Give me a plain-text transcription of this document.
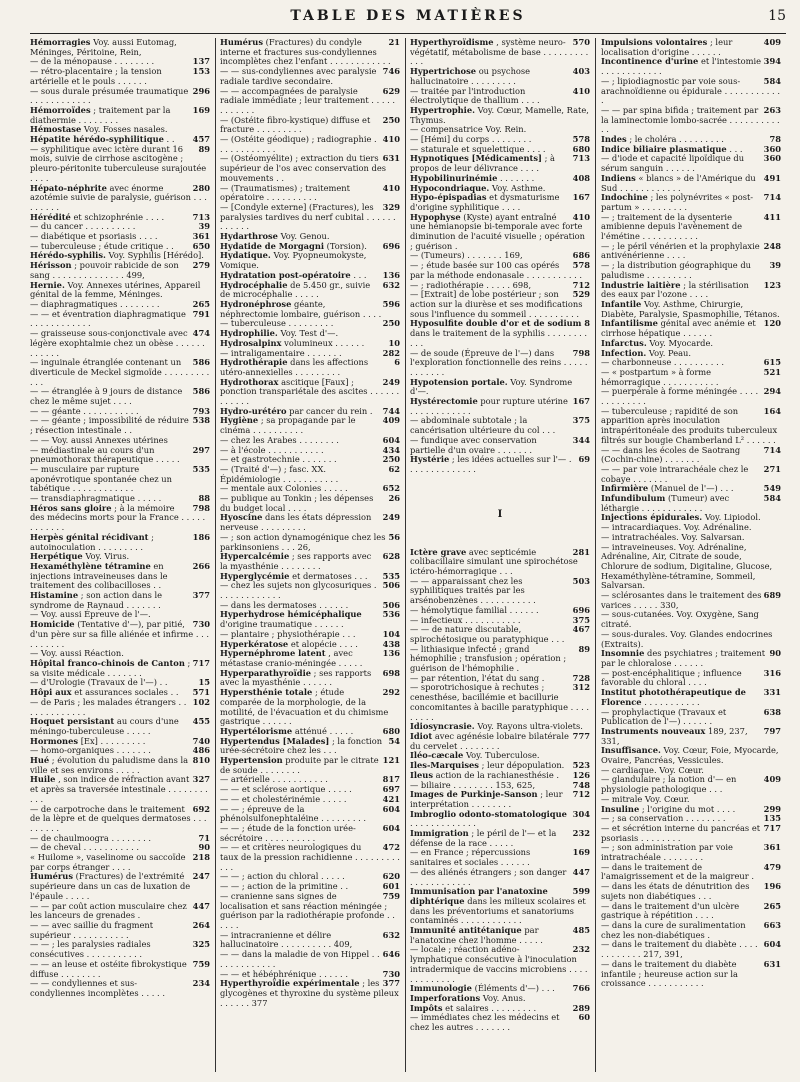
TABLE DES MATIÈRES	15

Hémorragies Voy. aussi Eutomag, Méninges, Péritoine, Rein,

137
— de la ménopause . . . . . . . .

153
— rétro-placentaire ; la tension artérielle et le pouls . . . . . .

296
— sous durale présumée traumatique . . . . . . . . . . . .

169
Hémorroïdes ; traitement par la diathermie . . . . . . . .

Hémostase Voy. Fosses nasales.

457
Hépatite hérédo-syphilitique . .

89
— syphilitique avec ictère durant 16 mois, suivie de cirrhose ascitogène ; pleuro-péritonite tuberculeuse surajoutée . . . .

280
Hépato-néphrite avec énorme azotémie suivie de paralysie, guérison . . . . . . . . .

713
Hérédité et schizophrénie . . . .

39
— du cancer . . . . . . . . . .

361
— diabétique et psoriasis . . . .

650
— tuberculeuse ; étude critique . .

Hérédo-syphilis. Voy. Syphilis [Hérédo].

279
Hérisson ; pouvoir rabicide de son sang . . . . . . . . . . . . . . 499,

Hernie. Voy. Annexes utérines, Appareil génital de la femme, Méninges.

265
— diaphragmatiques . . . . . . . .

791
— — et éventration diaphragmatique . . . . . . . . . . . .

474
— graisseuse sous-conjonctivale avec légère exophtalmie chez un obèse . . . . . . . . . . . .

586
— inguinale étranglée contenant un diverticule de Meckel sigmoïde . . . . . . . . . . . .

586
— — étranglée à 9 jours de distance chez le même sujet . . . .

793
— — géante . . . . . . . . . . .

538
— — géante ; impossibilité de réduire ; résection intestinale . .

— — Voy. aussi Annexes utérines

297
— médiastinale au cours d'un pneumothorax thérapeutique . . . . .

535
— musculaire par rupture aponévrotique spontanée chez un tabétique . . . . . . . . . . . .

88
— transdiaphragmatique . . . . .

798
Héros sans gloire ; à la mémoire des médecins morts pour la France . . . . . . . . . . . .

186
Herpès génital récidivant ; autoinoculation . . . . . . . . .

Herpétique Voy. Virus.

266
Hexaméthylène tétramine en injections intraveineuses dans le traitement des colibacilloses . .

377
Histamine ; son action dans le syndrome de Raynaud . . . . . . .

— Voy. aussi Épreuve de l'—.

730
Homicide (Tentative d'—), par pitié, d'un père sur sa fille aliénée et infirme . . . . . . . . . .

— Voy. aussi Réaction.

717
Hôpital franco-chinois de Canton ; sa visite médicale . . . . . . .

15
— d'Urologie (Travaux de l'—) . .

571
Hôpi aux et assurances sociales . .

102
— de Paris ; les malades étrangers . . . . . . . . . . . . .

455
Hoquet persistant au cours d'une méningo-tuberculeuse . . . . .

740
Hormones [Ex] . . . . . . . . .

486
— homo-organiques . . . . . . .

810
Hué ; évolution du paludisme dans la ville et ses environs . . . . .

327
Huile , son indice de réfraction avant et après sa traversée intestinale . . . . . . . . . . .

692
— de carpotroche dans le traitement de la lèpre et de quelques dermatoses . . . . . . . . .

71
— de chaulmoogra . . . . . . . .

90
— de cheval . . . . . . . . . . .

218
« Huilome », vaselinome ou saccoïde par corps étranger . . . .

247
Humérus (Fractures) de l'extrémité supérieure dans un cas de luxation de l'épaule . . . . .

447
— — par coût action musculaire chez les lanceurs de grenades .

264
— — avec saillie du fragment supérieur . . . . . . . . . . .

325
— — ; les paralysies radiales consécutives . . . . . . . . . . .

759
— — an leuse et ostéite fibrokystique diffuse . . . . . . . .

234
— — condyliennes et sus-condyliennes incomplètes . . . . .

21
Humérus (Fractures) du condyle interne et fractures sus-condyliennes incomplètes chez l'enfant . . . . . . . . . . . .

746
— — sus-condyliennes avec paralysie radiale tardive secondaire.

629
— — accompagnées de paralysie radiale immédiate ; leur traitement . . . . . . . . . . . .

250
— (Ostéite fibro-kystique) diffuse et fracture . . . . . . . . .

410
— (Ostéite géodique) ; radiographie . . . . . . . . . . . .

631
— (Ostéomyélite) ; extraction du tiers supérieur de l'os avec conservation des mouvements . .

410
— (Traumatismes) ; traitement opératoire . . . . . . . . . .

329
— [Condyle externe] (Fractures), les paralysies tardives du nerf cubital . . . . . . . . . . . .

Hydarthrose Voy. Genou.

696
Hydatide de Morgagni (Torsion).

Hydatique. Voy. Pyopneumokyste, Vomique.

136
Hydratation post-opératoire . . .

632
Hydrocéphalie de 5.450 gr., suivie de microcéphalie . . . . .

596
Hydronéphrose géante, néphrectomie lombaire, guérison . . . .

250
— tuberculeuse . . . . . . . . .

Hydrophilie. Voy. Test d'—.

10
Hydrosalpinx volumineux . . . . . .

282
— intraligamentaire . . . . . . .

6
Hydrothérapie dans les affections utéro-annexielles . . . . . . . . .

249
Hydrothorax ascitique [Faux] ; ponction transpariétale des ascites . . . . . . . . . . . .

744
Hydro-urétéro par cancer du rein .

409
Hygiène ; sa propagande par le cinéma . . . . . . . . . .

604
— chez les Arabes . . . . . . . .

434
— à l'école . . . . . . . . . . .

250
— et gastrotechnie . . . . . . .

62
— (Traité d'—) ; fasc. XX. Épidémiologie . . . . . . . . . . .

652
— mentale aux Colonies . . . . .

26
— publique au Tonkin ; les dépenses du budget local . . . .

249
Hyoscine dans les états dépression nerveuse . . . . . . . . .

56
— ; son action dynamogénique chez les parkinsoniens . . . 26,

628
Hypercalcémie ; ses rapports avec la myasthénie . . . . . . . .

535
Hyperglycémie et dermatoses . . .

506
— chez les sujets non glycosuriques . . . . . . . . . . . . .

506
— dans les dermatoses . . . . . .

536
Hyperhydrose hémicéphalique d'origine traumatique . . . . . .

104
— plantaire ; physiothérapie . . .

438
Hyperkératose et alopécie . . . .

136
Hypernéphrome latent , avec métastase cranio-méningée . . . . .

698
Hyperparathyroïdie ; ses rapports avec la myasthénie . . . . . .

292
Hypersthénie totale ; étude comparée de la morphologie, de la motilité, de l'évacuation et du chimisme gastrique . . . . . .

680
Hypertélorisme atténué . . . . .

54
Hypertendus [Malades] ; la fonction urée-sécrétoire chez les . . .

121
Hypertension produite par le citrate de soude . . . . . . . .

817
— artérielle . . . . . . . . . . .

697
— — et sclérose aortique . . . . .

421
— — et cholestérinémie . . . . .

604
— — ; épreuve de la phénolsulfonephtaléine . . . . . . . . .

604
— — ; étude de la fonction urée-sécrétoire . . . . . . . . . .

472
— — et critères neurologiques du taux de la pression rachidienne . . . . . . . . . . . .

620
— — ; action du chloral . . . . .

601
— — ; action de la primitine . .

759
— cranienne sans signes de localisation et sans réaction méningée ; guérison par la radiothérapie profonde . . . . . .

632
— intracranienne et délire hallucinatoire . . . . . . . . . . 409,

646
— — dans la maladie de von Hippel . . . . . . . . . . . . .

730
— — et hébéphrénique . . . . . .

377
Hyperthyroïdie expérimentale ; les glycogènes et thyroxine du système pileux . . . . . . 377

570
Hyperthyroïdisme , système neuro-végétatif, métabolisme de base . . . . . . . . . . . .

403
Hypertrichose ou psychose hallucinatoire . . . . . . . . .

410
— traitée par l'introduction électrolytique de thallium . . . .

Hypertrophie. Voy. Cœur, Mamelle, Rate, Thymus.

— compensatrice Voy. Rein.

578
— [Hémi] du corps . . . . . . . .

680
— staturale et squelettique . . . .

713
Hypnotiques [Médicaments] ; à propos de leur délivrance . . . .

408
Hypobilinurinémie . . . . . . .

Hypocondriaque. Voy. Asthme.

167
Hypo-épispadias et dysmaturisme d'origine syphilitique . . . .

410
Hypophyse (Kyste) ayant entraîné une hémianopsie bi-temporale avec forte diminution de l'acuité visuelle ; opération ; guérison .

686
— (Tumeurs) . . . . . . . 169,

578
— ; étude basée sur 100 cas opérés par la méthode endonasale . . . . . . . . . . .

712
— ; radiothérapie . . . . . 698,

529
— [Extrait] de lobe postérieur ; son action sur la diurèse et ses modifications sous l'influence du sommeil . . . . . . . . . .

8
Hyposulfite double d'or et de sodium dans le traitement de la syphilis . . . . . . . . . . .

798
— de soude (Épreuve de l'—) dans l'exploration fonctionnelle des reins . . . . . . . . . . . .

Hypotension portale. Voy. Syndrome d'—.

167
Hystérectomie pour rupture utérine . . . . . . . . . . . .

375
— abdominale subtotale ; la cancérisation ultérieure du col . . .

344
— fundique avec conservation partielle d'un ovaire . . . . . . .

69
Hystérie ; les idées actuelles sur l'— . . . . . . . . . . . . . .

I

281
Ictère grave avec septicémie colibacillaire simulant une spirochétose ictéro-hémorragique . . .

503
— — apparaissant chez les syphilitiques traités par les arsénobenzènes . . . . . . . . . . .

696
— hémolytique familial . . . . . .

375
— infectieux . . . . . . . . . . .

467
— — de nature discutable, spirochétosique ou paratyphique . . .

89
— lithiasique infecté ; grand hémophilie ; transfusion ; opération ; guérison de l'hémophilie .

728
— par rétention, l'état du sang .

312
— sporotrichosique à rechutes ; cenesthése, bacillémie et bacillurie concomitantes à bacille paratyphique . . . . . . . . .

Idiosyncrasie. Voy. Rayons ultra-violets.

777
Idiot avec agénésie lobaire bilatérale du cervelet . . . . . . . .

Iléo-cæcale Voy. Tuberculose.

523
Iles-Marquises ; leur dépopulation.

126
Ileus action de la rachianesthésie .

748
— biliaire . . . . . . . . 153, 625,

712
Images de Purkinje-Sanson ; leur interprétation . . . . . . . .

304
Imbroglio odonto-stomatologique . . . . . . . . . . . . .

232
Immigration ; le péril de l'— et la défense de la race . . . . .

169
— en France ; répercussions sanitaires et sociales . . . . . .

447
— des aliénés étrangers ; son danger . . . . . . . . . . . .

599
Immunisation par l'anatoxine diphtérique dans les milieux scolaires et dans les préventoriums et sanatoriums contaminés . . . . . . . . . . . .

485
Immunité antitétanique par l'anatoxine chez l'homme . . . . .

232
— locale ; réaction adéno-lymphatique consécutive à l'inoculation intradermique de vaccins microbiens . . . . . . . . . . . . .

766
Immunologie (Éléments d'—) . . .

Imperforations Voy. Anus.

289
Impôts et salaires . . . . . . . . .

60
— immédiates chez les médecins et chez les autres . . . . . . .

409
Impulsions volontaires ; leur localisation d'origine . . . . . .

394
Incontinence d'urine et l'intestomie . . . . . . . . . . . .

584
— ; lipiodiagnostic par voie sous-arachnoïdienne ou épidurale . . . . . . . . . . . .

263
— — par spina bifida ; traitement par la laminectomie lombo-sacrée . . . . . . . . . . . .

78
Indes ; le choléra . . . . . . . . .

360
Indice biliaire plasmatique . . .

360
— d'iode et capacité lipoïdique du sérum sanguin . . . . . .

491
Indiens « blancs » de l'Amérique du Sud . . . . . . . . . . . .

714
Indochine ; les polynévrites « post-partum » . . . . . . . . .

411
— ; traitement de la dysenterie amibienne depuis l'avènement de l'émétine . . . . . . . . . . .

248
— ; le péril vénérien et la prophylaxie antivénérienne . . . .

39
— ; la distribution géographique du paludisme . . . . . . . . .

123
Industrie laitière ; la stérilisation des eaux par l'ozone . . . .

Infantile Voy. Asthme, Chirurgie, Diabète, Paralysie, Spasmophilie, Tétanos.

120
Infantilisme génital avec anémie et cirrhose hépatique . . . . . .

Infarctus. Voy. Myocarde.

Infection. Voy. Peau.

615
— charbonneuse . . . . . . . . . .

521
— « postpartum » à forme hémorragique . . . . . . . . . . .

294
— puerpérale à forme méningée . . . . . . . . . . . . .

164
— tuberculeuse ; rapidité de son apparition après inoculation intrapéritonéale des produits tuberculeux filtrés sur bougie Chamberland L² . . . . . .

714
— — dans les écoles de Saotrang (Cochin-chine) . . . . . . .

271
— — par voie intrarachéale chez le cobaye . . . . . . .

549
Infirmière (Manuel de l'—) . . .

584
Infundibulum (Tumeur) avec léthargie . . . . . . . . . . . .

Injections épidurales. Voy. Lipiodol.

— intracardiaques. Voy. Adrénaline.

— intratrachéales. Voy. Salvarsan.

— intraveineuses. Voy. Adrénaline, Adrénaline, Air, Citrate de soude, Chlorure de sodium, Digitaline, Glucose, Hexaméthylène-tétramine, Sommeil, Salvarsan.

689
— sclérosantes dans le traitement des varices . . . . . 330,

— sous-cutanées. Voy. Oxygène, Sang citraté.

— sous-durales. Voy. Glandes endocrines (Extraits).

90
Insomnie des psychiatres ; traitement par le chloralose . . . . . .

316
— post-encéphalitique ; influence favorable du chloral . . . .

331
Institut photothérapeutique de Florence . . . . . . . . . . .

638
— prophylactique (Travaux et Publication de l'—) . . . . . .

797
Instruments nouveaux 189, 237, 331,

Insuffisance. Voy. Cœur, Foie, Myocarde, Ovaire, Pancréas, Vessicules.

— cardiaque. Voy. Cœur.

409
— glandulaire ; la notion d'— en physiologie pathologique . . .

— mitrale Voy. Cœur.

299
Insuline ; l'origine du mot . . . .

135
— ; sa conservation . . . . . . . .

717
— et sécrétion interne du pancréas et psoriasis . . . . . . . .

361
— ; son administration par voie intratrachéale . . . . . . . .

479
— dans le traitement de l'amaigrissement et de la maigreur .

196
— dans les états de dénutrition des sujets non diabétiques . . .

265
— dans le traitement d'un ulcère gastrique à répétition . . . .

663
— dans la cure de suralimentation chez les non-diabétiques .

604
— dans le traitement du diabète . . . . . . . . . . . . 217, 391,

631
— dans le traitement du diabète infantile ; heureuse action sur la croissance . . . . . . . . . . .
